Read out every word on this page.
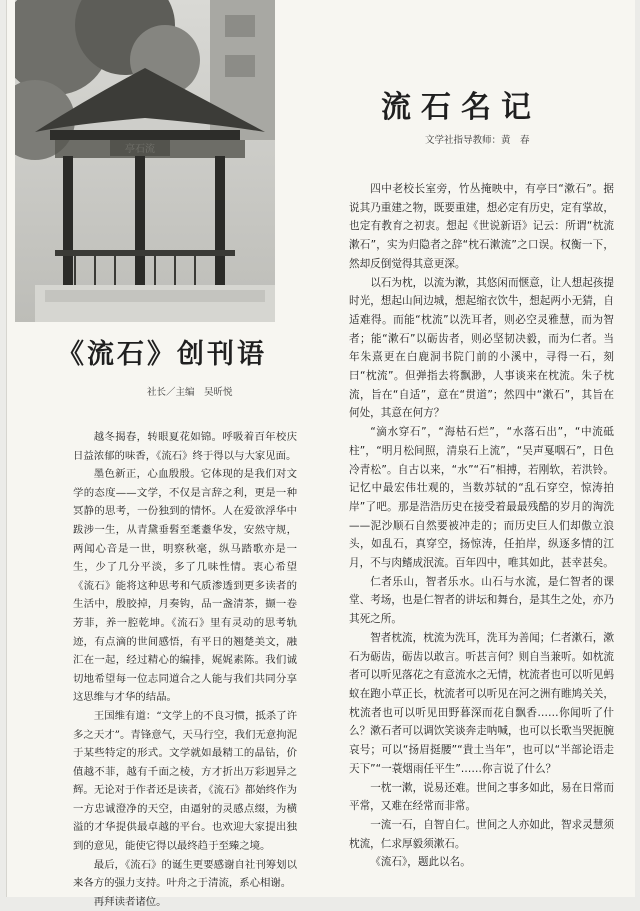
《流石》创刊语
社长／主编　吴昕悦

越冬揭春，转眼夏花如锦。呼吸着百年校庆日益浓郁的味香，《流石》终于得以与大家见面。

墨色新正，心血殷殷。它体现的是我们对文学的态度——文学，不仅是言辞之利，更是一种冥静的思考，一份独到的情怀。人在爱欲浮华中跋涉一生，从青黛垂髫至耄耋华发，安然守规，两闻心音是一世，明察秋毫，纵马踏歌亦是一生，少了几分平淡，多了几味性情。衷心希望《流石》能将这种思考和气质渗透到更多读者的生活中，殷胶掉，月奏钩，品一盏清茶，撷一卷芳菲，养一腔乾坤。《流石》里有灵动的思考轨迹，有点滴的世间感悟，有平日的翘楚美文，融汇在一起，经过精心的编排，娓娓素陈。我们诚切地希望每一位志同道合之人能与我们共同分享这思维与才华的结晶。

王国维有道：“文学上的不良习惯，抵杀了许多之天才”。青锋意气，天马行空，我们无意拘泥于某些特定的形式。文学就如最精工的晶钻，价值越不菲，越有千面之棱，方才折出万彩迥异之辉。无论对于作者还是读者，《流石》都始终作为一方忠诚澄净的天空，由逼射的灵感点缀，为横溢的才华提供最卓越的平台。也欢迎大家提出独到的意见，能使它得以最终趋于至臻之境。

最后，《流石》的诞生更要感谢自社刊筹划以来各方的强力支持。叶舟之于清流，系心相谢。

再拜读者诸位。

流石名记
文学社指导教师：黄　春

四中老校长室旁，竹丛掩映中，有亭曰“漱石”。据说其乃重建之物，既要重建，想必定有历史，定有掌故，也定有教育之初衷。想起《世说新语》记云：所谓“枕流漱石”，实为归隐者之辞“枕石漱流”之口误。权衡一下，然却反倒觉得其意更深。

以石为枕，以流为漱，其悠闲而惬意，让人想起孩提时光，想起山间边城，想起缩衣饮牛，想起两小无猜，自适难得。而能“枕流”以洗耳者，则必空灵雅慧，而为智者；能“漱石”以砺齿者，则必坚韧决毅，而为仁者。当年朱熹更在白鹿洞书院门前的小溪中，寻得一石，刻曰“枕流”。但弹指去将飘渺，人事谈来在枕流。朱子枕流，旨在“自适”，意在“贯道”；然四中“漱石”，其旨在何处，其意在何方？

“滴水穿石”，“海枯石烂”，“水落石出”，“中流砥柱”，“明月松间照，清泉石上流”，“吴声戛咽石”，日色冷青松”。自古以来，“水”“石”相搏，若刚软，若洪铃。记忆中最宏伟壮观的，当数苏轼的“乱石穿空，惊涛拍岸”了吧。那是浩浩历史在接受着最最残酷的岁月的淘洗——泥沙顺石自然要被冲走的；而历史巨人们却傲立浪头，如乱石，真穿空，扬惊涛，任拍岸，纵逐多情的江月，不与肉鳍成泯流。百年四中，唯其如此，甚幸甚矣。

仁者乐山，智者乐水。山石与水流，是仁智者的课堂、考场，也是仁智者的讲坛和舞台，是其生之处，亦乃其死之所。

智者枕流，枕流为洗耳，洗耳为善闻；仁者漱石，漱石为砺齿，砺齿以敢言。听甚言何？则自当兼听。如枕流者可以听见落花之有意流水之无情，枕流者也可以听见蚂蚁在跑小草正长，枕流者可以听见在河之洲有睢鸠关关，枕流者也可以听见田野暮深而花自飘香……你闻听了什么？漱石者可以调饮笑谈奔走呐喊，也可以长歌当哭扼腕哀号；可以“扬眉挺腰”“貴土当年”，也可以“半部论语走天下”“一蓑烟雨任平生”……你言说了什么？

一枕一漱，说易还难。世间之事多如此，易在日常而平常，又难在经常而非常。

一流一石，自智自仁。世间之人亦如此，智求灵慧须枕流，仁求厚毅须漱石。

《流石》，题此以名。
